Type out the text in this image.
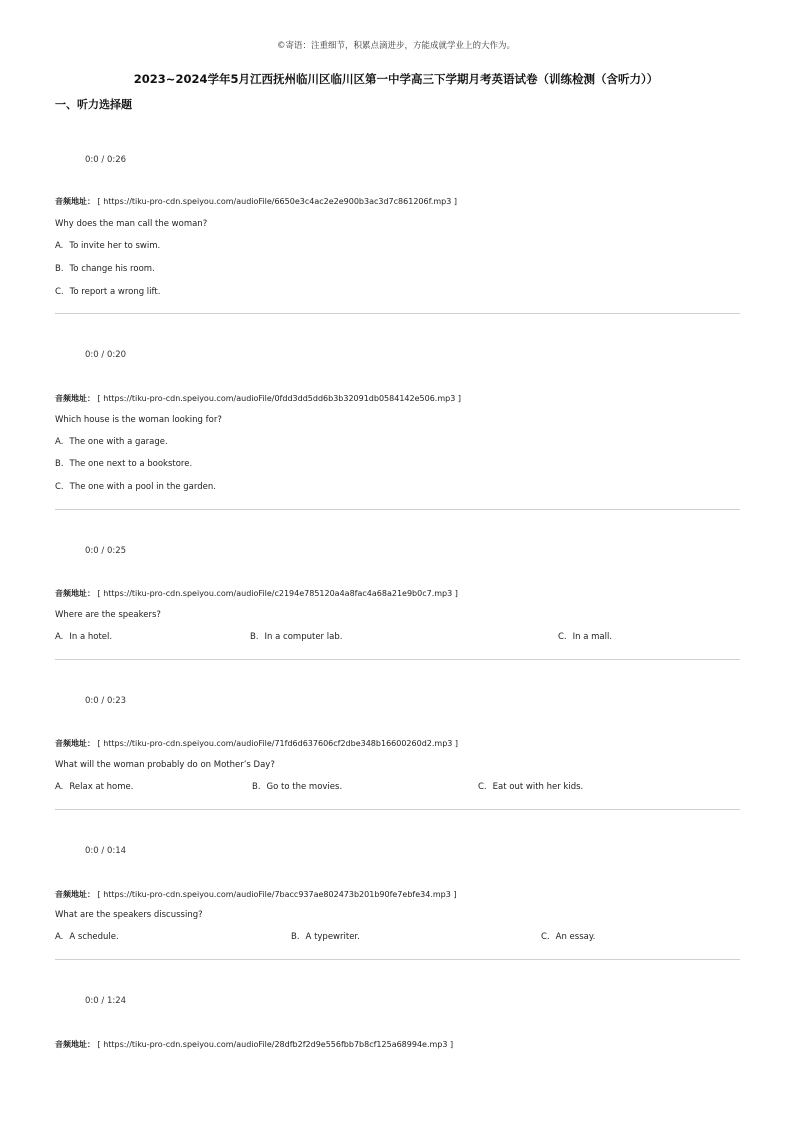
©寄语：注重细节，积累点滴进步，方能成就学业上的大作为。
2023~2024学年5月江西抚州临川区临川区第一中学高三下学期月考英语试卷（训练检测（含听力））
一、听力选择题
0:0 / 0:26
音频地址： [ https://tiku-pro-cdn.speiyou.com/audioFile/6650e3c4ac2e2e900b3ac3d7c861206f.mp3 ]
Why does the man call the woman?
A. To invite her to swim.
B. To change his room.
C. To report a wrong lift.
0:0 / 0:20
音频地址： [ https://tiku-pro-cdn.speiyou.com/audioFile/0fdd3dd5dd6b3b32091db0584142e506.mp3 ]
Which house is the woman looking for?
A. The one with a garage.
B. The one next to a bookstore.
C. The one with a pool in the garden.
0:0 / 0:25
音频地址： [ https://tiku-pro-cdn.speiyou.com/audioFile/c2194e785120a4a8fac4a68a21e9b0c7.mp3 ]
Where are the speakers?
A. In a hotel.	B. In a computer lab.	C. In a mall.
0:0 / 0:23
音频地址： [ https://tiku-pro-cdn.speiyou.com/audioFile/71fd6d637606cf2dbe348b16600260d2.mp3 ]
What will the woman probably do on Mother’s Day?
A. Relax at home.	B. Go to the movies.	C. Eat out with her kids.
0:0 / 0:14
音频地址： [ https://tiku-pro-cdn.speiyou.com/audioFile/7bacc937ae802473b201b90fe7ebfe34.mp3 ]
What are the speakers discussing?
A. A schedule.	B. A typewriter.	C. An essay.
0:0 / 1:24
音频地址： [ https://tiku-pro-cdn.speiyou.com/audioFile/28dfb2f2d9e556fbb7b8cf125a68994e.mp3 ]
